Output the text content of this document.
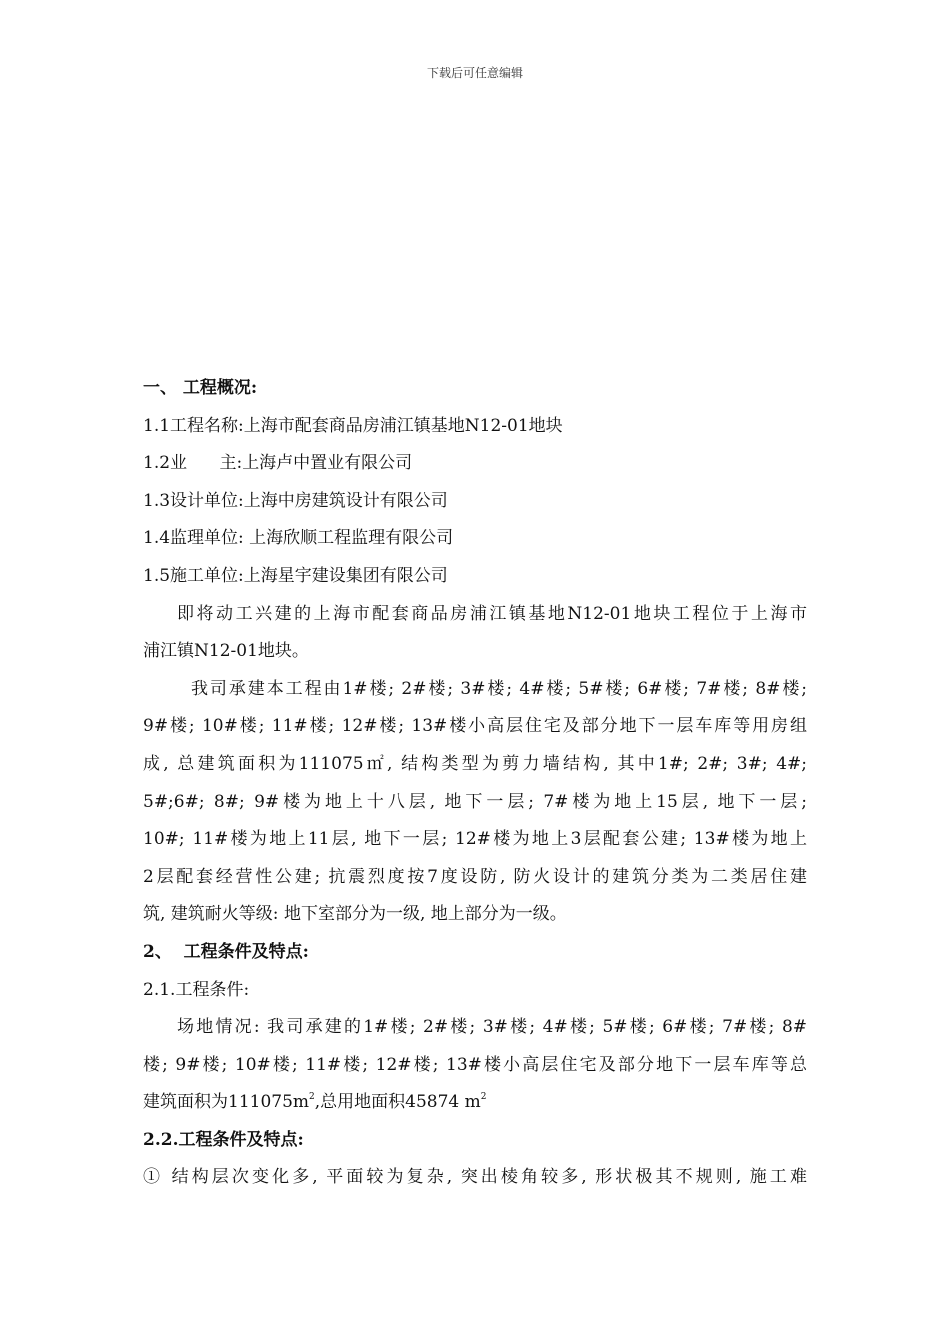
下载后可任意编辑
一、 工程概况:
1.1工程名称:上海市配套商品房浦江镇基地N12-01地块
1.2业      主:上海卢中置业有限公司
1.3设计单位:上海中房建筑设计有限公司
1.4监理单位: 上海欣顺工程监理有限公司
1.5施工单位:上海星宇建设集团有限公司
即将动工兴建的上海市配套商品房浦江镇基地N12-01地块工程位于上海市
浦江镇N12-01地块。
我司承建本工程由1#楼; 2#楼; 3#楼; 4#楼; 5#楼; 6#楼; 7#楼; 8#楼;
9#楼; 10#楼; 11#楼; 12#楼; 13#楼小高层住宅及部分地下一层车库等用房组
成, 总建筑面积为111075㎡, 结构类型为剪力墙结构, 其中1#; 2#; 3#; 4#;
5#;6#; 8#; 9#楼为地上十八层, 地下一层; 7#楼为地上15层, 地下一层;
10#; 11#楼为地上11层, 地下一层; 12#楼为地上3层配套公建; 13#楼为地上
2层配套经营性公建; 抗震烈度按7度设防, 防火设计的建筑分类为二类居住建
筑, 建筑耐火等级: 地下室部分为一级, 地上部分为一级。
2、  工程条件及特点:
2.1.工程条件:
场地情况: 我司承建的1#楼; 2#楼; 3#楼; 4#楼; 5#楼; 6#楼; 7#楼; 8#
楼; 9#楼; 10#楼; 11#楼; 12#楼; 13#楼小高层住宅及部分地下一层车库等总
建筑面积为$111075m^2$,总用地面积45874 $m^2$
2.2.工程条件及特点:
① 结构层次变化多, 平面较为复杂, 突出棱角较多, 形状极其不规则, 施工难
